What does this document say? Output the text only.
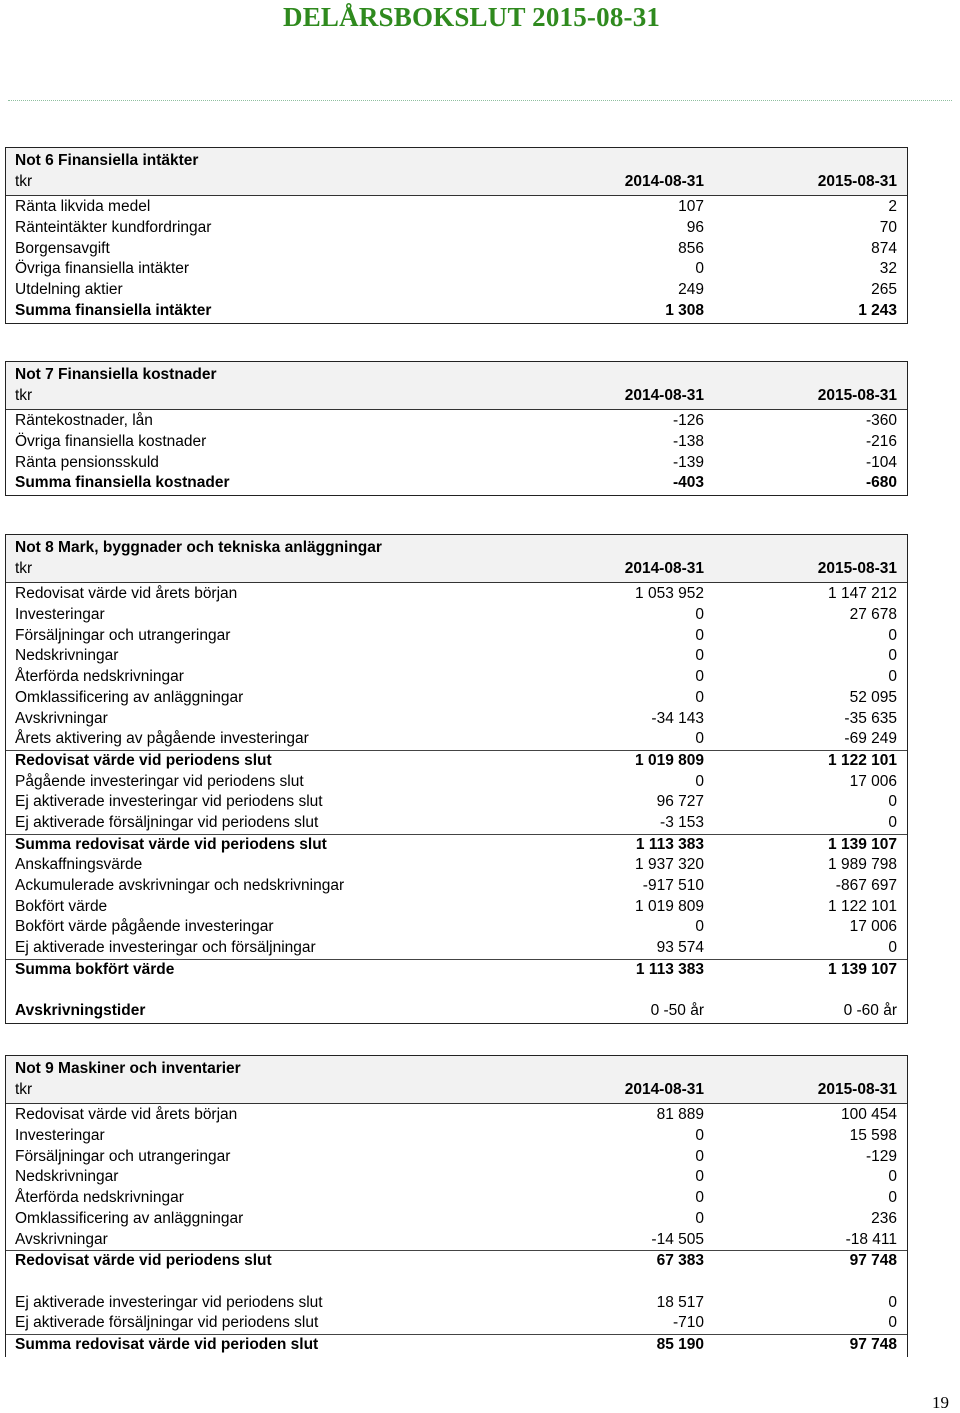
DELÅRSBOKSLUT 2015-08-31
Not 6 Finansiella intäkter
tkr	2014-08-31	2015-08-31
Ränta likvida medel	107	2
Ränteintäkter kundfordringar	96	70
Borgensavgift	856	874
Övriga finansiella intäkter	0	32
Utdelning aktier	249	265
Summa finansiella intäkter	1 308	1 243
Not 7 Finansiella kostnader
tkr	2014-08-31	2015-08-31
Räntekostnader, lån	-126	-360
Övriga finansiella kostnader	-138	-216
Ränta pensionsskuld	-139	-104
Summa finansiella kostnader	-403	-680
Not 8 Mark, byggnader och tekniska anläggningar
tkr	2014-08-31	2015-08-31
Redovisat värde vid årets början	1 053 952	1 147 212
Investeringar	0	27 678
Försäljningar och utrangeringar	0	0
Nedskrivningar	0	0
Återförda nedskrivningar	0	0
Omklassificering av anläggningar	0	52 095
Avskrivningar	-34 143	-35 635
Årets aktivering av pågående investeringar	0	-69 249
Redovisat värde vid periodens slut	1 019 809	1 122 101
Pågående investeringar vid periodens slut	0	17 006
Ej aktiverade investeringar vid periodens slut	96 727	0
Ej aktiverade försäljningar vid periodens slut	-3 153	0
Summa redovisat värde vid periodens slut	1 113 383	1 139 107
Anskaffningsvärde	1 937 320	1 989 798
Ackumulerade avskrivningar och nedskrivningar	-917 510	-867 697
Bokfört värde	1 019 809	1 122 101
Bokfört värde pågående investeringar	0	17 006
Ej aktiverade investeringar och försäljningar	93 574	0
Summa bokfört värde	1 113 383	1 139 107
Avskrivningstider	0 -50 år	0 -60 år
Not 9 Maskiner och inventarier
tkr	2014-08-31	2015-08-31
Redovisat värde vid årets början	81 889	100 454
Investeringar	0	15 598
Försäljningar och utrangeringar	0	-129
Nedskrivningar	0	0
Återförda nedskrivningar	0	0
Omklassificering av anläggningar	0	236
Avskrivningar	-14 505	-18 411
Redovisat värde vid periodens slut	67 383	97 748
Ej aktiverade investeringar vid periodens slut	18 517	0
Ej aktiverade försäljningar vid periodens slut	-710	0
Summa redovisat värde vid perioden slut	85 190	97 748
19
